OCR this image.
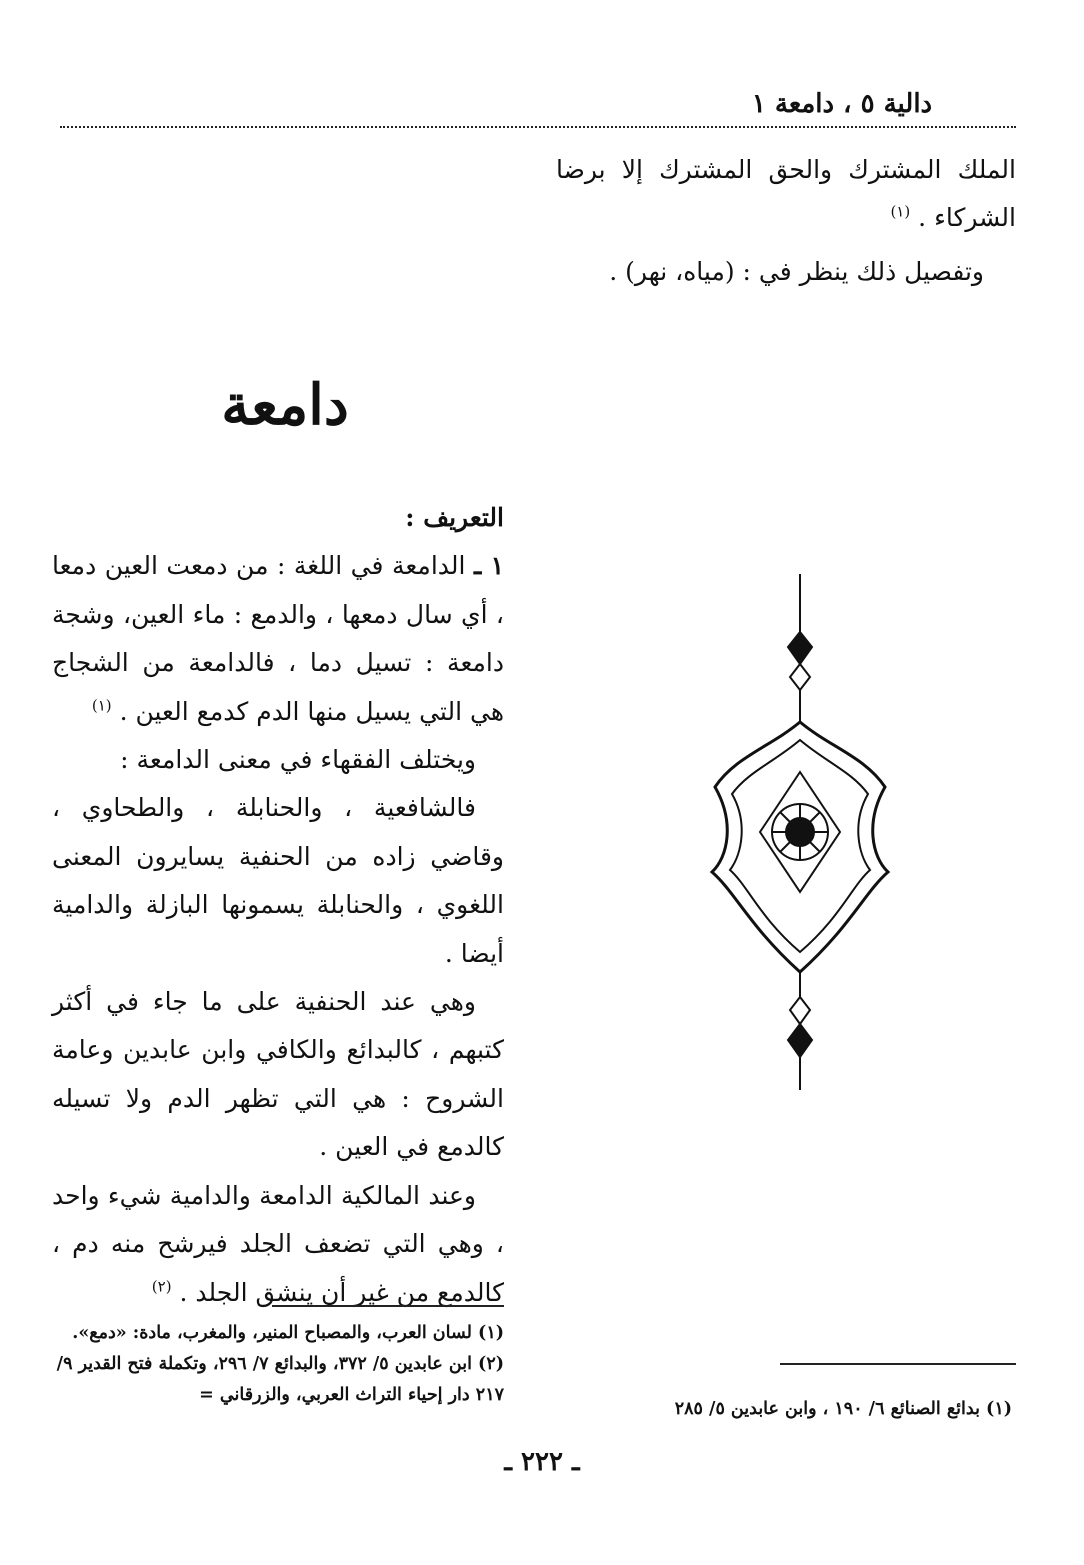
دالية ٥ ، دامعة ١

الملك المشترك والحق المشترك إلا برضا الشركاء . $^{(١)}$

وتفصيل ذلك ينظر في : (مياه، نهر) .
دامعة

التعريف :

١ ـ الدامعة في اللغة : من دمعت العين دمعا ، أي سال دمعها ، والدمع : ماء العين، وشجة دامعة : تسيل دما ، فالدامعة من الشجاج هي التي يسيل منها الدم كدمع العين . $^{(١)}$

ويختلف الفقهاء في معنى الدامعة :

فالشافعية ، والحنابلة ، والطحاوي ، وقاضي زاده من الحنفية يسايرون المعنى اللغوي ، والحنابلة يسمونها البازلة والدامية أيضا .

وهي عند الحنفية على ما جاء في أكثر كتبهم ، كالبدائع والكافي وابن عابدين وعامة الشروح : هي التي تظهر الدم ولا تسيله كالدمع في العين .

وعند المالكية الدامعة والدامية شيء واحد ، وهي التي تضعف الجلد فيرشح منه دم ، كالدمع من غير أن ينشق الجلد . $^{(٢)}$

(١) لسان العرب، والمصباح المنير، والمغرب، مادة: «دمع».

(٢) ابن عابدين ٥/ ٣٧٢، والبدائع ٧/ ٢٩٦، وتكملة فتح القدير ٩/ ٢١٧ دار إحياء التراث العربي، والزرقاني =

(١) بدائع الصنائع ٦/ ١٩٠ ، وابن عابدين ٥/ ٢٨٥
ـ ٢٢٢ ـ
